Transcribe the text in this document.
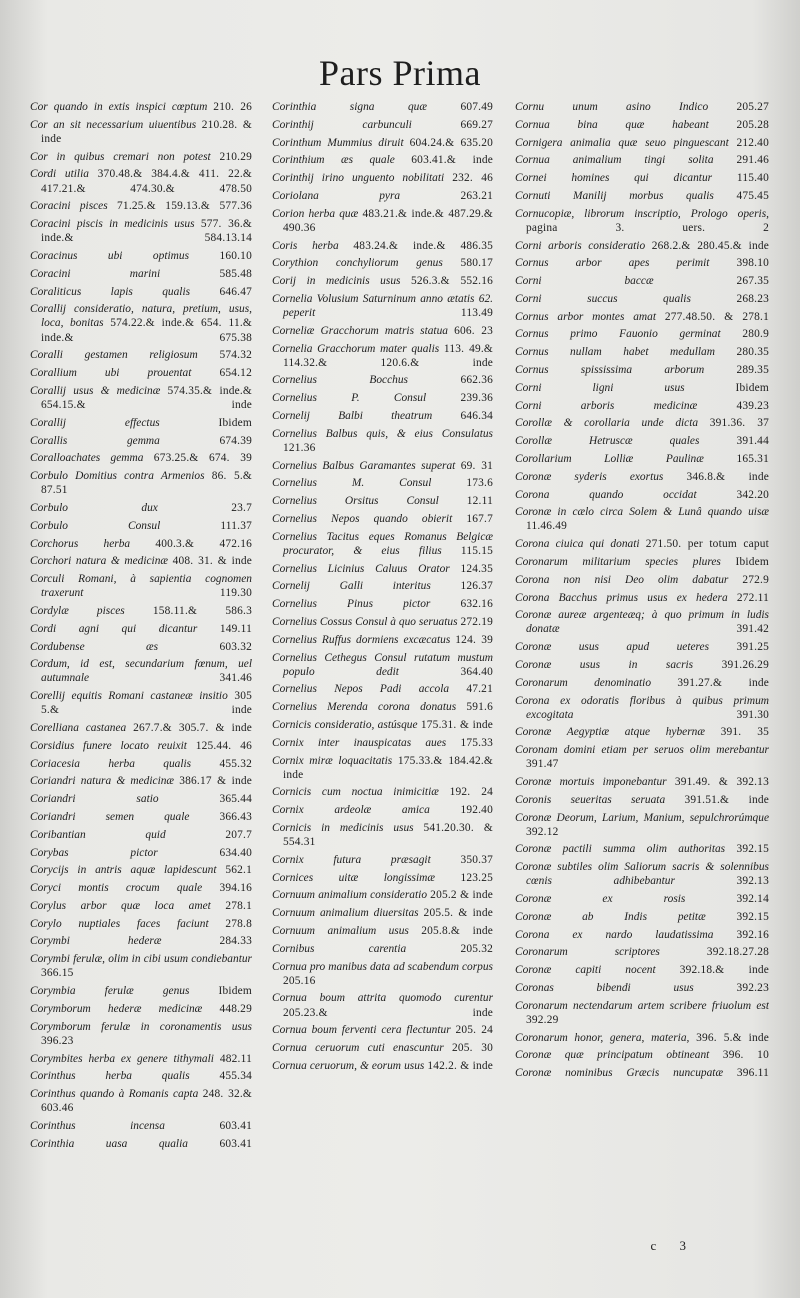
Pars Prima

Cor quando in extis inspici cœptum 210. 26

Cor an sit necessarium uiuentibus 210.28. & inde

Cor in quibus cremari non potest 210.29

Cordi utilia 370.48.& 384.4.& 411. 22.& 417.21.& 474.30.& 478.50

Coracini pisces 71.25.& 159.13.& 577.36

Coracini piscis in medicinis usus 577. 36.& inde.& 584.13.14

Coracinus ubi optimus	160.10

Coracini marini	585.48

Coraliticus lapis qualis	646.47

Corallij consideratio, natura, pretium, usus, loca, bonitas 574.22.& inde.& 654. 11.& inde.& 675.38

Coralli gestamen religiosum 574.32

Corallium ubi prouentat 654.12

Corallij usus & medicinæ 574.35.& inde.& 654.15.& inde

Corallij effectus	Ibidem

Corallis gemma	674.39

Coralloachates gemma 673.25.& 674. 39

Corbulo Domitius contra Armenios 86. 5.& 87.51

Corbulo dux	23.7

Corbulo Consul	111.37

Corchorus herba 400.3.& 472.16

Corchori natura & medicinæ 408. 31. & inde

Corculi Romani, à sapientia cognomen traxerunt	119.30

Cordylæ pisces 158.11.& 586.3

Cordi agni qui dicantur 149.11

Cordubense æs	603.32

Cordum, id est, secundarium fœnum, uel autumnale	341.46

Corellij equitis Romani castaneæ insitio 305 5.& inde

Corelliana castanea 267.7.& 305.7. & inde

Corsidius funere locato reuixit 125.44. 46

Coriacesia herba qualis 455.32

Coriandri natura & medicinæ 386.17 & inde

Coriandri satio	365.44

Coriandri semen quale	366.43

Coribantian quid	207.7

Corybas pictor	634.40

Corycijs in antris aquæ lapidescunt 562.1

Coryci montis crocum quale 394.16

Corylus arbor quæ loca amet 278.1

Corylo nuptiales faces faciunt 278.8

Corymbi hederæ	284.33

Corymbi ferulæ, olim in cibi usum condiebantur 366.15

Corymbia ferulæ genus	Ibidem

Corymborum hederæ medicinæ 448.29

Corymborum ferulæ in coronamentis usus 396.23

Corymbites herba ex genere tithymali 482.11

Corinthus herba qualis	455.34

Corinthus quando à Romanis capta 248. 32.& 603.46

Corinthus incensa	603.41

Corinthia uasa qualia	603.41

Corinthia signa quæ	607.49

Corinthij carbunculi	669.27

Corinthum Mummius diruit 604.24.& 635.20

Corinthium æs quale 603.41.& inde

Corinthij irino unguento nobilitati 232. 46

Coriolana pyra	263.21

Corion herba quæ 483.21.& inde.& 487.29.& 490.36

Coris herba 483.24.& inde.& 486.35

Corythion conchyliorum genus 580.17

Corij in medicinis usus 526.3.& 552.16

Cornelia Volusium Saturninum anno ætatis 62. peperit	113.49

Corneliæ Gracchorum matris statua 606. 23

Cornelia Gracchorum mater qualis 113. 49.& 114.32.& 120.6.& inde

Cornelius Bocchus	662.36

Cornelius P. Consul	239.36

Cornelij Balbi theatrum 646.34

Cornelius Balbus quis, & eius Consulatus 121.36

Cornelius Balbus Garamantes superat 69. 31

Cornelius M. Consul	173.6

Cornelius Orsitus Consul 12.11

Cornelius Nepos quando obierit 167.7

Cornelius Tacitus eques Romanus Belgicæ procurator, & eius filius 115.15

Cornelius Licinius Caluus Orator 124.35

Cornelij Galli interitus	126.37

Cornelius Pinus pictor	632.16

Cornelius Cossus Consul à quo seruatus 272.19

Cornelius Ruffus dormiens excæcatus 124. 39

Cornelius Cethegus Consul rutatum mustum populo dedit	364.40

Cornelius Nepos Padi accola 47.21

Cornelius Merenda corona donatus 591.6

Cornicis consideratio, astúsque 175.31. & inde

Cornix inter inauspicatas aues 175.33

Cornix miræ loquacitatis 175.33.& 184.42.& inde

Cornicis cum noctua inimicitiæ 192. 24

Cornix ardeolæ amica	192.40

Cornicis in medicinis usus 541.20.30. & 554.31

Cornix futura præsagit	350.37

Cornices uitæ longissimæ 123.25

Cornuum animalium consideratio 205.2 & inde

Cornuum animalium diuersitas 205.5. & inde

Cornuum animalium usus 205.8.& inde

Cornibus carentia	205.32

Cornua pro manibus data ad scabendum corpus 205.16

Cornua boum attrita quomodo curentur 205.23.& inde

Cornua boum ferventi cera flectuntur 205. 24

Cornua ceruorum cuti enascuntur 205. 30

Cornua ceruorum, & eorum usus 142.2. & inde

Cornu unum asino Indico 205.27

Cornua bina quæ habeant 205.28

Cornigera animalia quæ seuo pinguescant 212.40

Cornua animalium tingi solita 291.46

Cornei homines qui dicantur 115.40

Cornuti Manilij morbus qualis 475.45

Cornucopiæ, librorum inscriptio, Prologo operis, pagina 3. uers. 2

Corni arboris consideratio 268.2.& 280.45.& inde

Cornus arbor apes perimit 398.10

Corni baccæ	267.35

Corni succus qualis	268.23

Cornus arbor montes amat 277.48.50. & 278.1

Cornus primo Fauonio germinat 280.9

Cornus nullam habet medullam 280.35

Cornus spississima arborum	289.35

Corni ligni usus	Ibidem

Corni arboris medicinæ	439.23

Corollæ & corollaria unde dicta 391.36. 37

Corollæ Hetruscæ quales	391.44

Corollarium Lolliæ Paulinæ	165.31

Coronæ syderis exortus 346.8.& inde

Corona quando occidat	342.20

Coronæ in cælo circa Solem & Lunâ quando uisæ 11.46.49

Corona ciuica qui donati 271.50. per totum caput

Coronarum militarium species plures Ibidem

Corona non nisi Deo olim dabatur 272.9

Corona Bacchus primus usus ex hedera 272.11

Coronæ aureæ argenteæq; à quo primum in ludis donatæ	391.42

Coronæ usus apud ueteres 391.25

Coronæ usus in sacris	391.26.29

Coronarum denominatio 391.27.& inde

Corona ex odoratis floribus à quibus primum excogitata	391.30

Coronæ Aegyptiæ atque hybernæ 391. 35

Coronam domini etiam per seruos olim merebantur 391.47

Coronæ mortuis imponebantur 391.49. & 392.13

Coronis seueritas seruata 391.51.& inde

Coronæ Deorum, Larium, Manium, sepulchrorúmque 392.12

Coronæ pactili summa olim authoritas 392.15

Coronæ subtiles olim Saliorum sacris & solennibus cœnis adhibebantur	392.13

Coronæ ex rosis	392.14

Coronæ ab Indis petitæ	392.15

Corona ex nardo laudatissima 392.16

Coronarum scriptores	392.18.27.28

Coronæ capiti nocent 392.18.& inde

Coronas bibendi usus	392.23

Coronarum nectendarum artem scribere friuolum est 392.29

Coronarum honor, genera, materia, 396. 5.& inde

Coronæ quæ principatum obtineant 396. 10

Coronæ nominibus Græcis nuncupatæ 396.11

c 3
